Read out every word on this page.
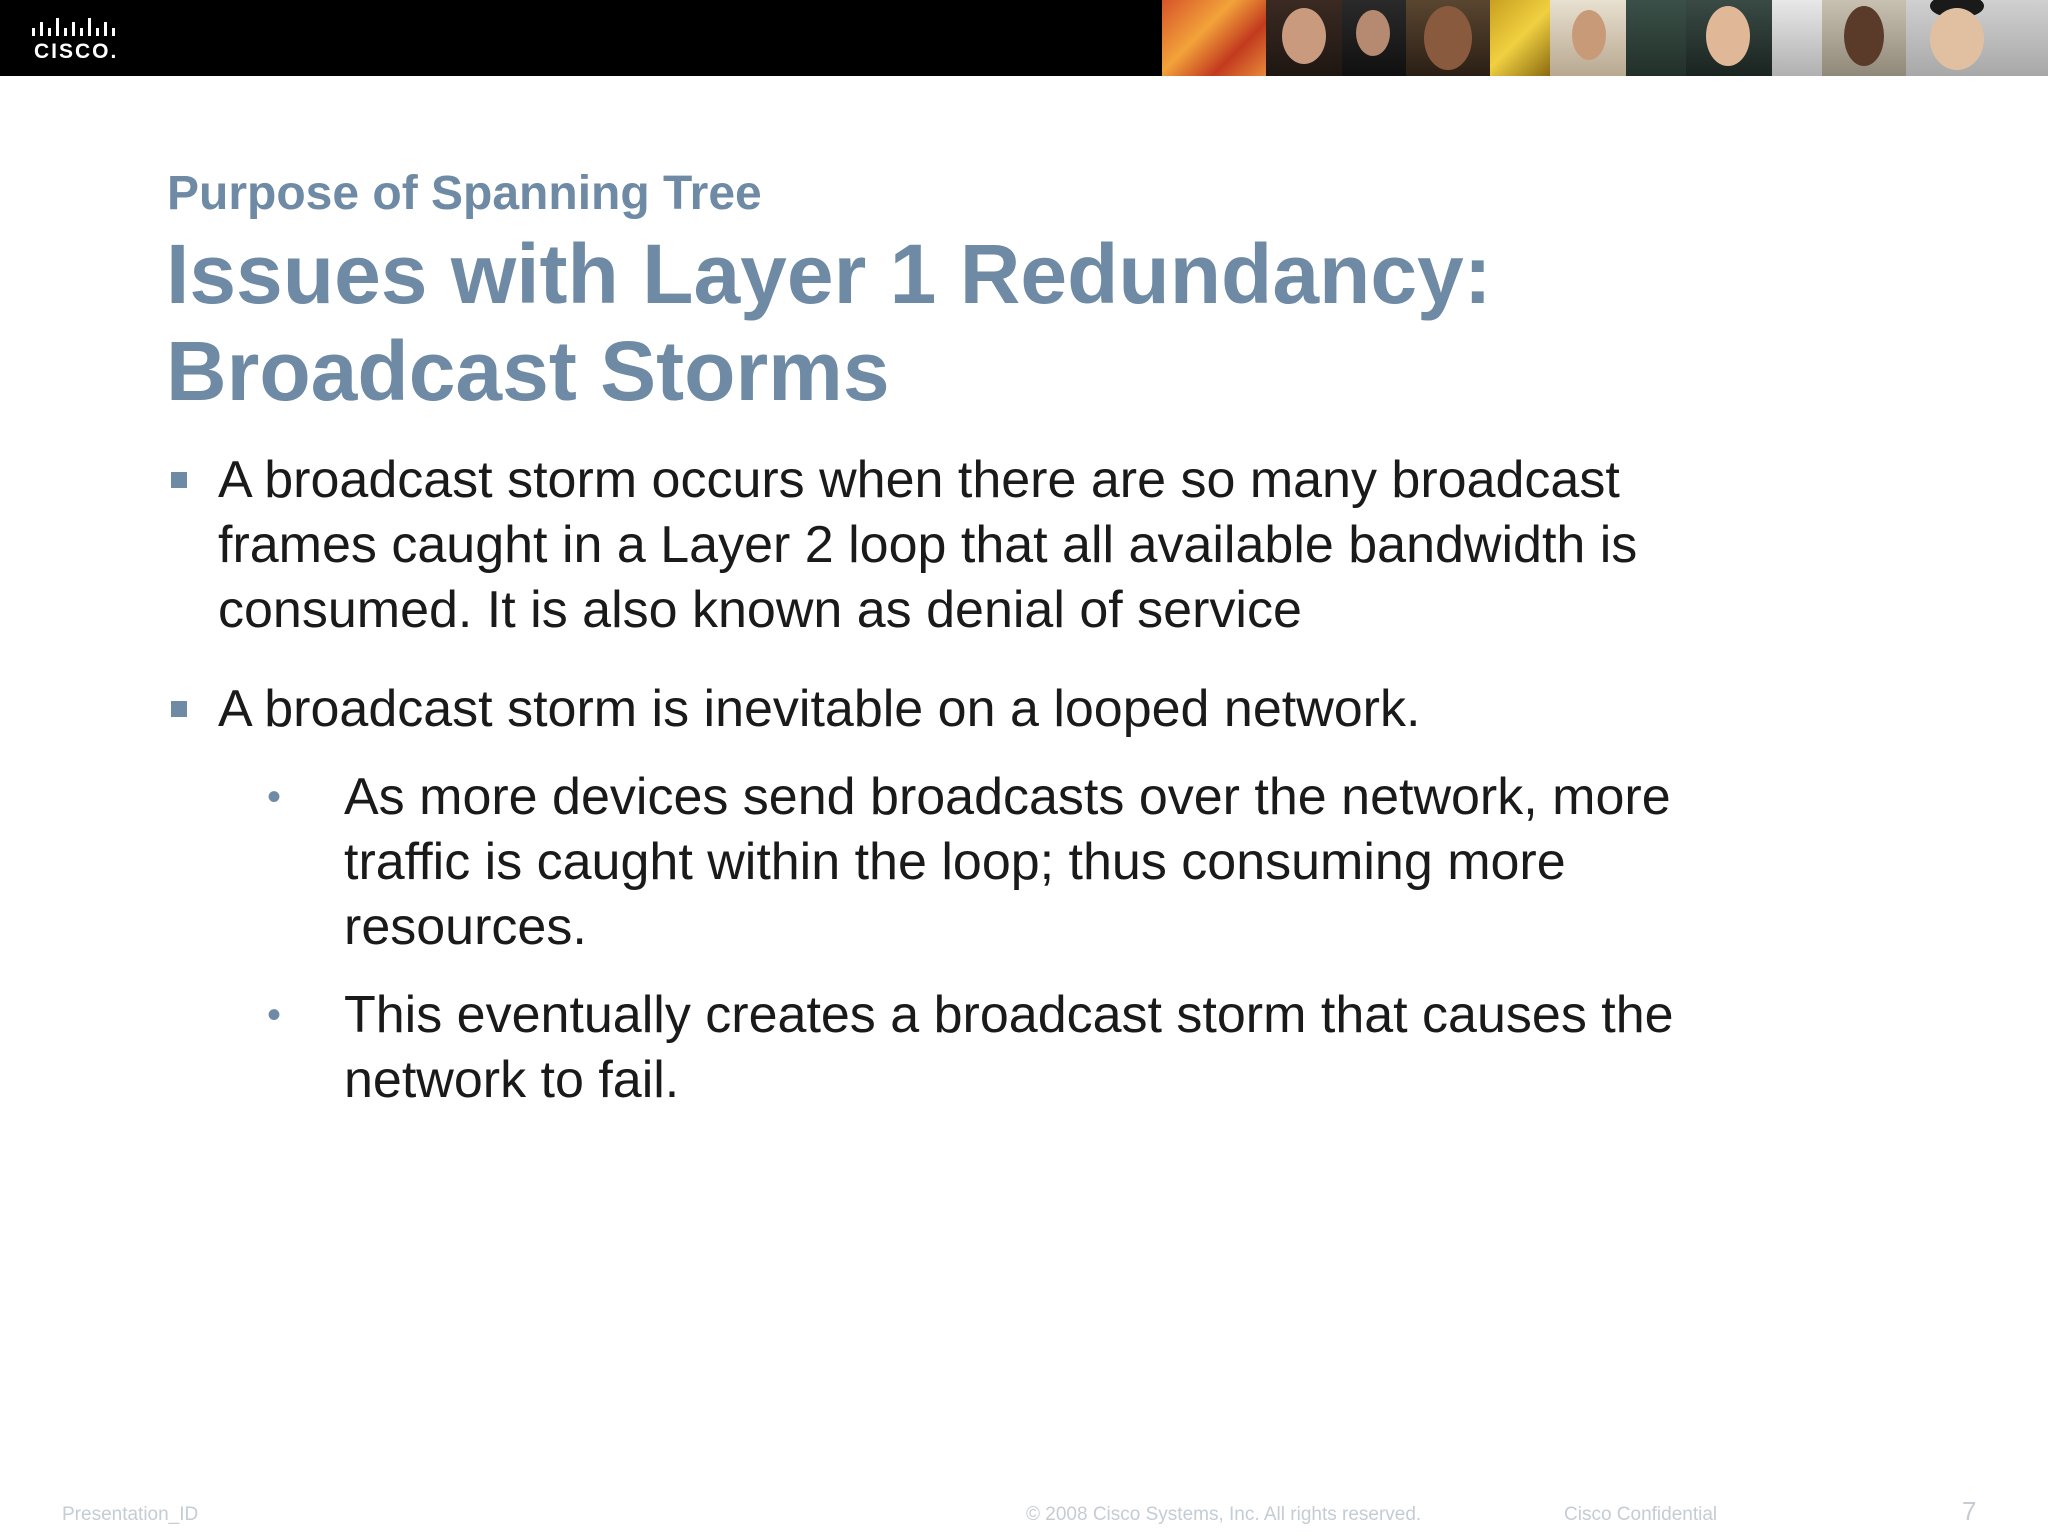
CISCO.
Purpose of Spanning Tree
Issues with Layer 1 Redundancy:
Broadcast Storms
A broadcast storm occurs when there are so many broadcast
frames caught in a Layer 2 loop that all available bandwidth is
consumed. It is also known as denial of service
A broadcast storm is inevitable on a looped network.
• As more devices send broadcasts over the network, more
traffic is caught within the loop; thus consuming more
resources.
• This eventually creates a broadcast storm that causes the
network to fail.
Presentation_ID	© 2008 Cisco Systems, Inc. All rights reserved.	Cisco Confidential	7
